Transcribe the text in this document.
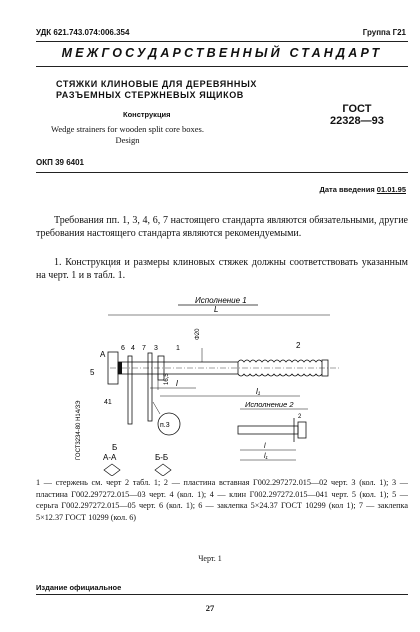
УДК 621.743.074:006.354	Группа Г21
МЕЖГОСУДАРСТВЕННЫЙ СТАНДАРТ
СТЯЖКИ КЛИНОВЫЕ ДЛЯ ДЕРЕВЯННЫХ
РАЗЪЕМНЫХ СТЕРЖНЕВЫХ ЯЩИКОВ
Конструкция
Wedge strainers for wooden split core boxes.
Design
ГОСТ
22328—93
ОКП 39 6401
Дата введения 01.01.95
Требования пп. 1, 3, 4, 6, 7 настоящего стандарта являются обязательными, другие требования настоящего стандарта являются рекомендуемыми.
1. Конструкция и размеры клиновых стяжек должны соответствовать указанным на черт. 1 и в табл. 1.
Исполнение 1
L
6 4 7 3	1	2
5
А
Б
Φ20
16,5
l₁
l
41
ГОСТ3234-80 Н14/3Э	п.3
А-А	Б-Б
Исполнение 2
2
l
l₁
1 — стержень см. черт 2 табл. 1; 2 — пластина вставная Г002.297272.015—02 черт. 3 (кол. 1); 3 — пластина Г002.297272.015—03 черт. 4 (кол. 1); 4 — клин Г002.297272.015—041 черт. 5 (кол. 1); 5 — серьга Г002.297272.015—05 черт. 6 (кол. 1); 6 — заклепка 5×24.37 ГОСТ 10299 (кол 1); 7 — заклепка 5×12.37 ГОСТ 10299 (кол. 6)
Черт. 1
Издание официальное
27
